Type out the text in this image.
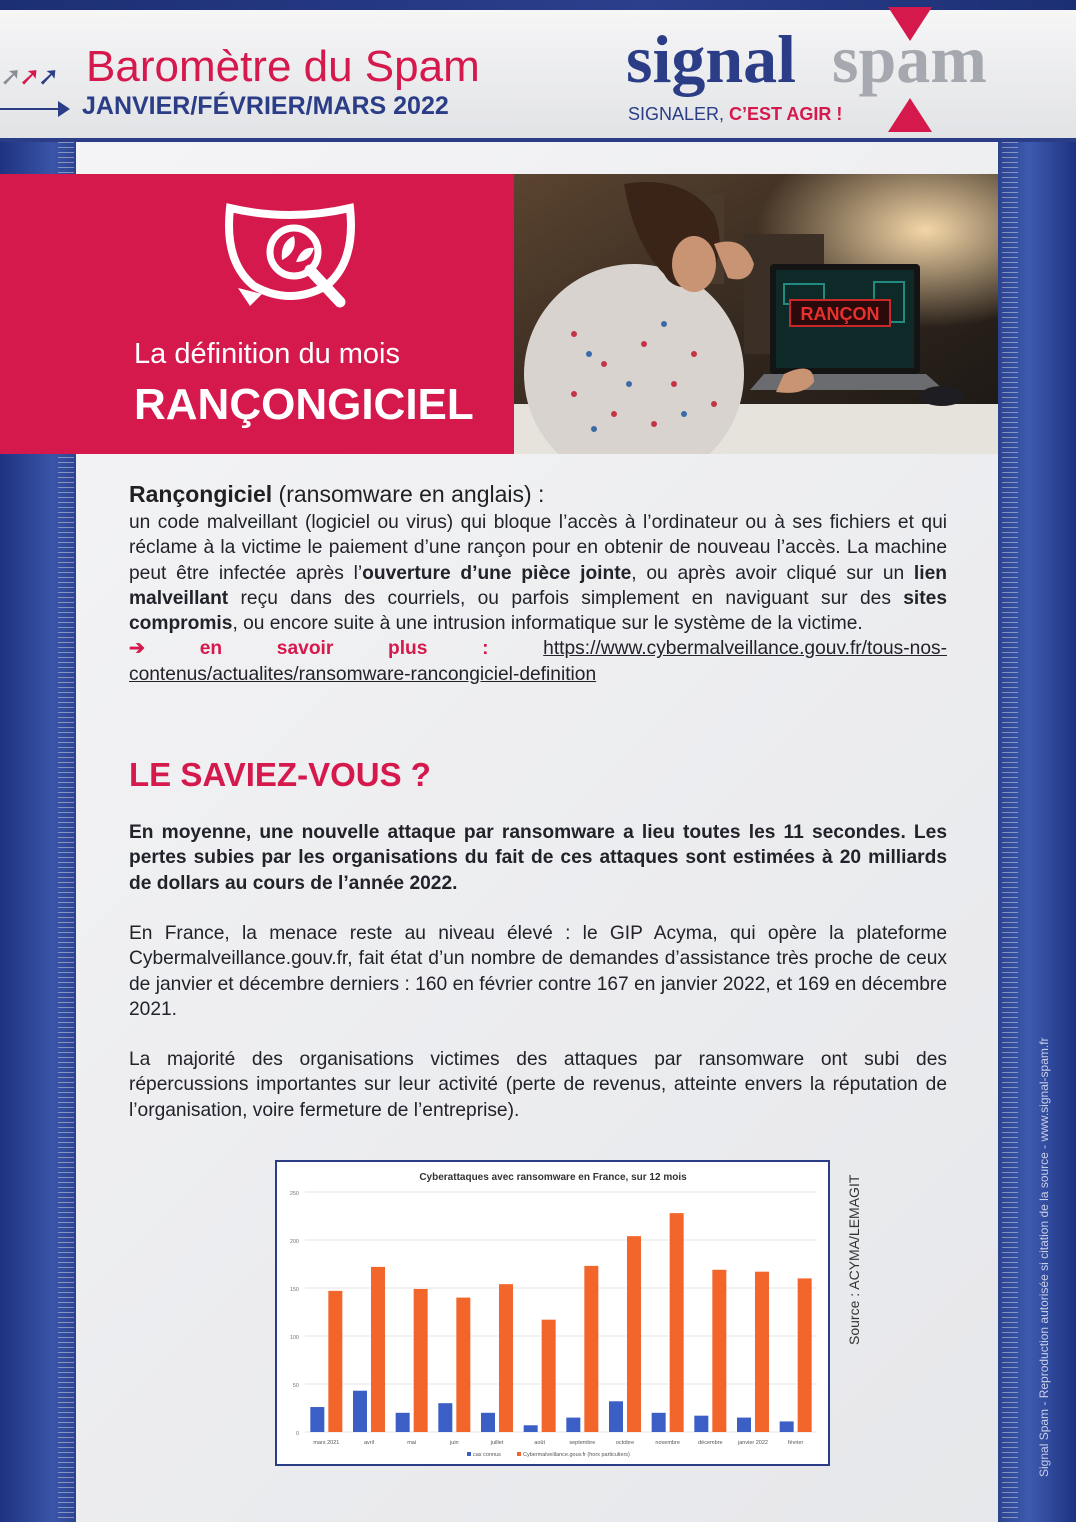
➚➚➚ Baromètre du Spam
JANVIER/FÉVRIER/MARS 2022
signal spam
SIGNALER, C’EST AGIR !
La définition du mois
RANÇONGICIEL
RANÇON
Rançongiciel (ransomware en anglais) :
un code malveillant (logiciel ou virus) qui bloque l’accès à l’ordinateur ou à ses fichiers et qui réclame à la victime le paiement d’une rançon pour en obtenir de nouveau l’accès. La machine peut être infectée après l’ouverture d’une pièce jointe, ou après avoir cliqué sur un lien malveillant reçu dans des courriels, ou parfois simplement en naviguant sur des sites compromis, ou encore suite à une intrusion informatique sur le système de la victime.
➔ en savoir plus :	https://www.cybermalveillance.gouv.fr/tous-nos-contenus/actualites/ransomware-rancongiciel-definition
LE SAVIEZ-VOUS ?
En moyenne, une nouvelle attaque par ransomware a lieu toutes les 11 secondes. Les pertes subies par les organisations du fait de ces attaques sont estimées à 20 milliards de dollars au cours de l’année 2022.
En France, la menace reste au niveau élevé : le GIP Acyma, qui opère la plateforme Cybermalveillance.gouv.fr, fait état d’un nombre de demandes d’assistance très proche de ceux de janvier et décembre derniers : 160 en février contre 167 en janvier 2022, et 169 en décembre 2021.
La majorité des organisations victimes des attaques par ransomware ont subi des répercussions importantes sur leur activité (perte de revenus, atteinte envers la réputation de l’organisation, voire fermeture de l’entreprise).
Cyberattaques avec ransomware en France, sur 12 mois
0
50
100
150
200
250
mars 2021	avril	mai	juin	juillet	août	septembre	octobre	novembre	décembre	janvier 2022	février
cas connus	Cybermalveillance.gouv.fr (hors particuliers)
Source : ACYMA/LEMAGIT	Signal Spam - Reproduction autorisée si citation de la source - www.signal-spam.fr
